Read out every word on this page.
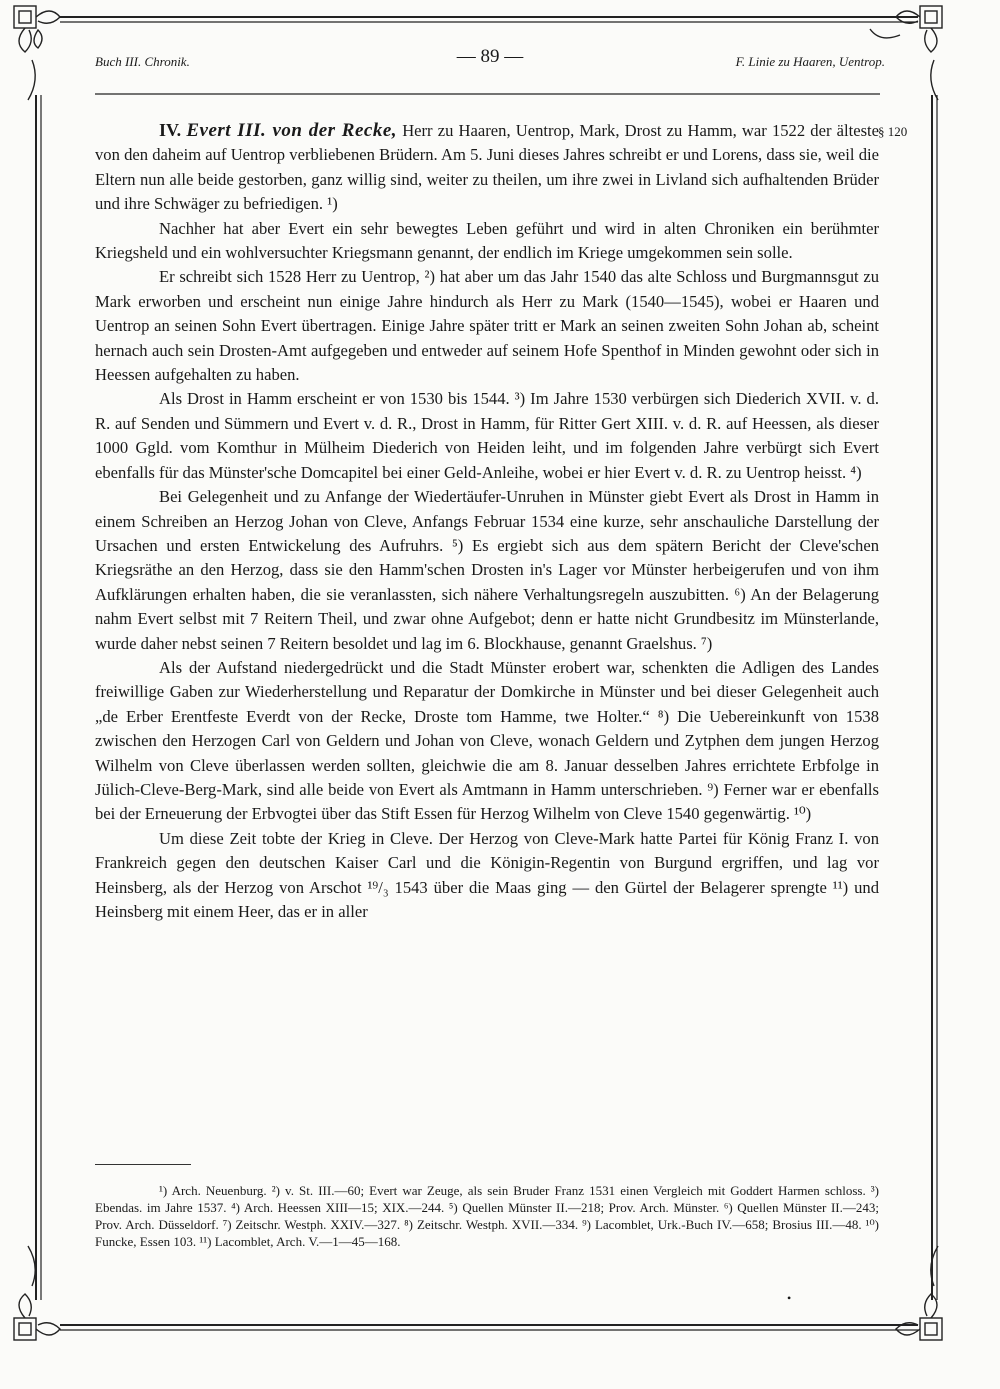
Buch III. Chronik.	— 89 —	F. Linie zu Haaren, Uentrop.
§ 120

IV. Evert III. von der Recke, Herr zu Haaren, Uentrop, Mark, Drost zu Hamm, war 1522 der älteste von den daheim auf Uentrop verbliebenen Brüdern. Am 5. Juni dieses Jahres schreibt er und Lorens, dass sie, weil die Eltern nun alle beide gestorben, ganz willig sind, weiter zu theilen, um ihre zwei in Livland sich aufhaltenden Brüder und ihre Schwäger zu befriedigen. ¹)

Nachher hat aber Evert ein sehr bewegtes Leben geführt und wird in alten Chroniken ein berühmter Kriegsheld und ein wohlversuchter Kriegsmann genannt, der endlich im Kriege umgekommen sein solle.

Er schreibt sich 1528 Herr zu Uentrop, ²) hat aber um das Jahr 1540 das alte Schloss und Burgmannsgut zu Mark erworben und erscheint nun einige Jahre hindurch als Herr zu Mark (1540—1545), wobei er Haaren und Uentrop an seinen Sohn Evert übertragen. Einige Jahre später tritt er Mark an seinen zweiten Sohn Johan ab, scheint hernach auch sein Drosten-Amt aufgegeben und entweder auf seinem Hofe Spenthof in Minden gewohnt oder sich in Heessen aufgehalten zu haben.

Als Drost in Hamm erscheint er von 1530 bis 1544. ³) Im Jahre 1530 verbürgen sich Diederich XVII. v. d. R. auf Senden und Sümmern und Evert v. d. R., Drost in Hamm, für Ritter Gert XIII. v. d. R. auf Heessen, als dieser 1000 Ggld. vom Komthur in Mülheim Diederich von Heiden leiht, und im folgenden Jahre verbürgt sich Evert ebenfalls für das Münster'sche Domcapitel bei einer Geld-Anleihe, wobei er hier Evert v. d. R. zu Uentrop heisst. ⁴)

Bei Gelegenheit und zu Anfange der Wiedertäufer-Unruhen in Münster giebt Evert als Drost in Hamm in einem Schreiben an Herzog Johan von Cleve, Anfangs Februar 1534 eine kurze, sehr anschauliche Darstellung der Ursachen und ersten Entwickelung des Aufruhrs. ⁵) Es ergiebt sich aus dem spätern Bericht der Cleve'schen Kriegsräthe an den Herzog, dass sie den Hamm'schen Drosten in's Lager vor Münster herbeigerufen und von ihm Aufklärungen erhalten haben, die sie veranlassten, sich nähere Verhaltungsregeln auszubitten. ⁶) An der Belagerung nahm Evert selbst mit 7 Reitern Theil, und zwar ohne Aufgebot; denn er hatte nicht Grundbesitz im Münsterlande, wurde daher nebst seinen 7 Reitern besoldet und lag im 6. Blockhause, genannt Graelshus. ⁷)

Als der Aufstand niedergedrückt und die Stadt Münster erobert war, schenkten die Adligen des Landes freiwillige Gaben zur Wiederherstellung und Reparatur der Domkirche in Münster und bei dieser Gelegenheit auch „de Erber Erentfeste Everdt von der Recke, Droste tom Hamme, twe Holter.“ ⁸) Die Uebereinkunft von 1538 zwischen den Herzogen Carl von Geldern und Johan von Cleve, wonach Geldern und Zytphen dem jungen Herzog Wilhelm von Cleve überlassen werden sollten, gleichwie die am 8. Januar desselben Jahres errichtete Erbfolge in Jülich-Cleve-Berg-Mark, sind alle beide von Evert als Amtmann in Hamm unterschrieben. ⁹) Ferner war er ebenfalls bei der Erneuerung der Erbvogtei über das Stift Essen für Herzog Wilhelm von Cleve 1540 gegenwärtig. ¹⁰)

Um diese Zeit tobte der Krieg in Cleve. Der Herzog von Cleve-Mark hatte Partei für König Franz I. von Frankreich gegen den deutschen Kaiser Carl und die Königin-Regentin von Burgund ergriffen, und lag vor Heinsberg, als der Herzog von Arschot ¹⁹/₃ 1543 über die Maas ging — den Gürtel der Belagerer sprengte ¹¹) und Heinsberg mit einem Heer, das er in aller

¹) Arch. Neuenburg. ²) v. St. III.—60; Evert war Zeuge, als sein Bruder Franz 1531 einen Vergleich mit Goddert Harmen schloss. ³) Ebendas. im Jahre 1537. ⁴) Arch. Heessen XIII—15; XIX.—244. ⁵) Quellen Münster II.—218; Prov. Arch. Münster. ⁶) Quellen Münster II.—243; Prov. Arch. Düsseldorf. ⁷) Zeitschr. Westph. XXIV.—327. ⁸) Zeitschr. Westph. XVII.—334. ⁹) Lacomblet, Urk.-Buch IV.—658; Brosius III.—48. ¹⁰) Funcke, Essen 103. ¹¹) Lacomblet, Arch. V.—1—45—168.

•
